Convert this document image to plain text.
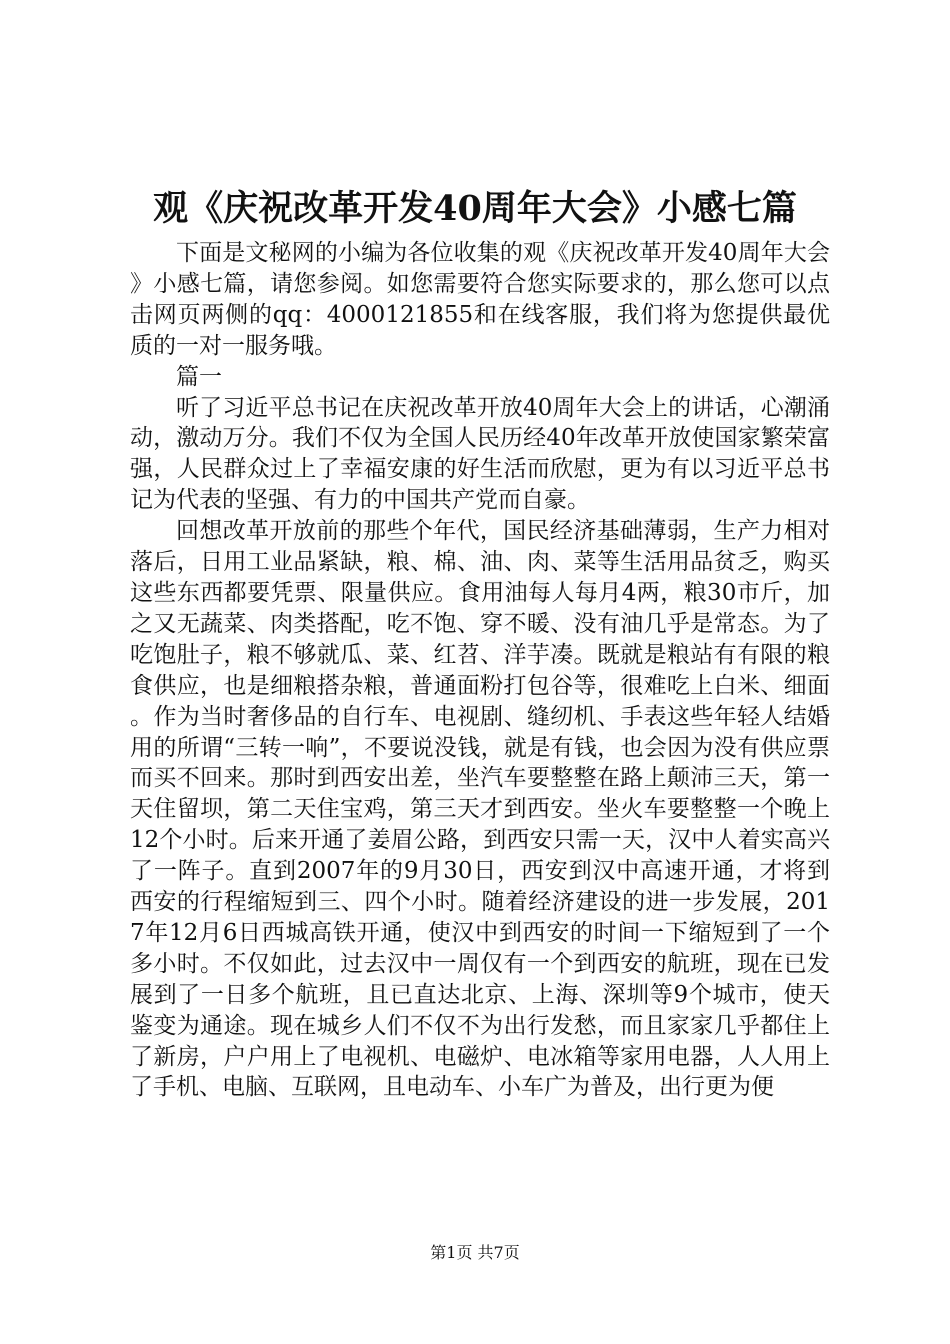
观《庆祝改革开发40周年大会》小感七篇

下面是文秘网的小编为各位收集的观《庆祝改革开发40周年大会》小感七篇，请您参阅。如您需要符合您实际要求的，那么您可以点击网页两侧的qq：4000121855和在线客服，我们将为您提供最优质的一对一服务哦。

篇一

听了习近平总书记在庆祝改革开放40周年大会上的讲话，心潮涌动，激动万分。我们不仅为全国人民历经40年改革开放使国家繁荣富强，人民群众过上了幸福安康的好生活而欣慰，更为有以习近平总书记为代表的坚强、有力的中国共产党而自豪。

回想改革开放前的那些个年代，国民经济基础薄弱，生产力相对落后，日用工业品紧缺，粮、棉、油、肉、菜等生活用品贫乏，购买这些东西都要凭票、限量供应。食用油每人每月4两，粮30市斤，加之又无蔬菜、肉类搭配，吃不饱、穿不暖、没有油几乎是常态。为了吃饱肚子，粮不够就瓜、菜、红苕、洋芋凑。既就是粮站有有限的粮食供应，也是细粮搭杂粮，普通面粉打包谷等，很难吃上白米、细面。作为当时奢侈品的自行车、电视剧、缝纫机、手表这些年轻人结婚用的所谓“三转一响”，不要说没钱，就是有钱，也会因为没有供应票而买不回来。那时到西安出差，坐汽车要整整在路上颠沛三天，第一天住留坝，第二天住宝鸡，第三天才到西安。坐火车要整整一个晚上12个小时。后来开通了姜眉公路，到西安只需一天，汉中人着实高兴了一阵子。直到2007年的9月30日，西安到汉中高速开通，才将到西安的行程缩短到三、四个小时。随着经济建设的进一步发展，2017年12月6日西城高铁开通，使汉中到西安的时间一下缩短到了一个多小时。不仅如此，过去汉中一周仅有一个到西安的航班，现在已发展到了一日多个航班，且已直达北京、上海、深圳等9个城市，使天鉴变为通途。现在城乡人们不仅不为出行发愁，而且家家几乎都住上了新房，户户用上了电视机、电磁炉、电冰箱等家用电器，人人用上了手机、电脑、互联网，且电动车、小车广为普及，出行更为便

第1页 共7页
